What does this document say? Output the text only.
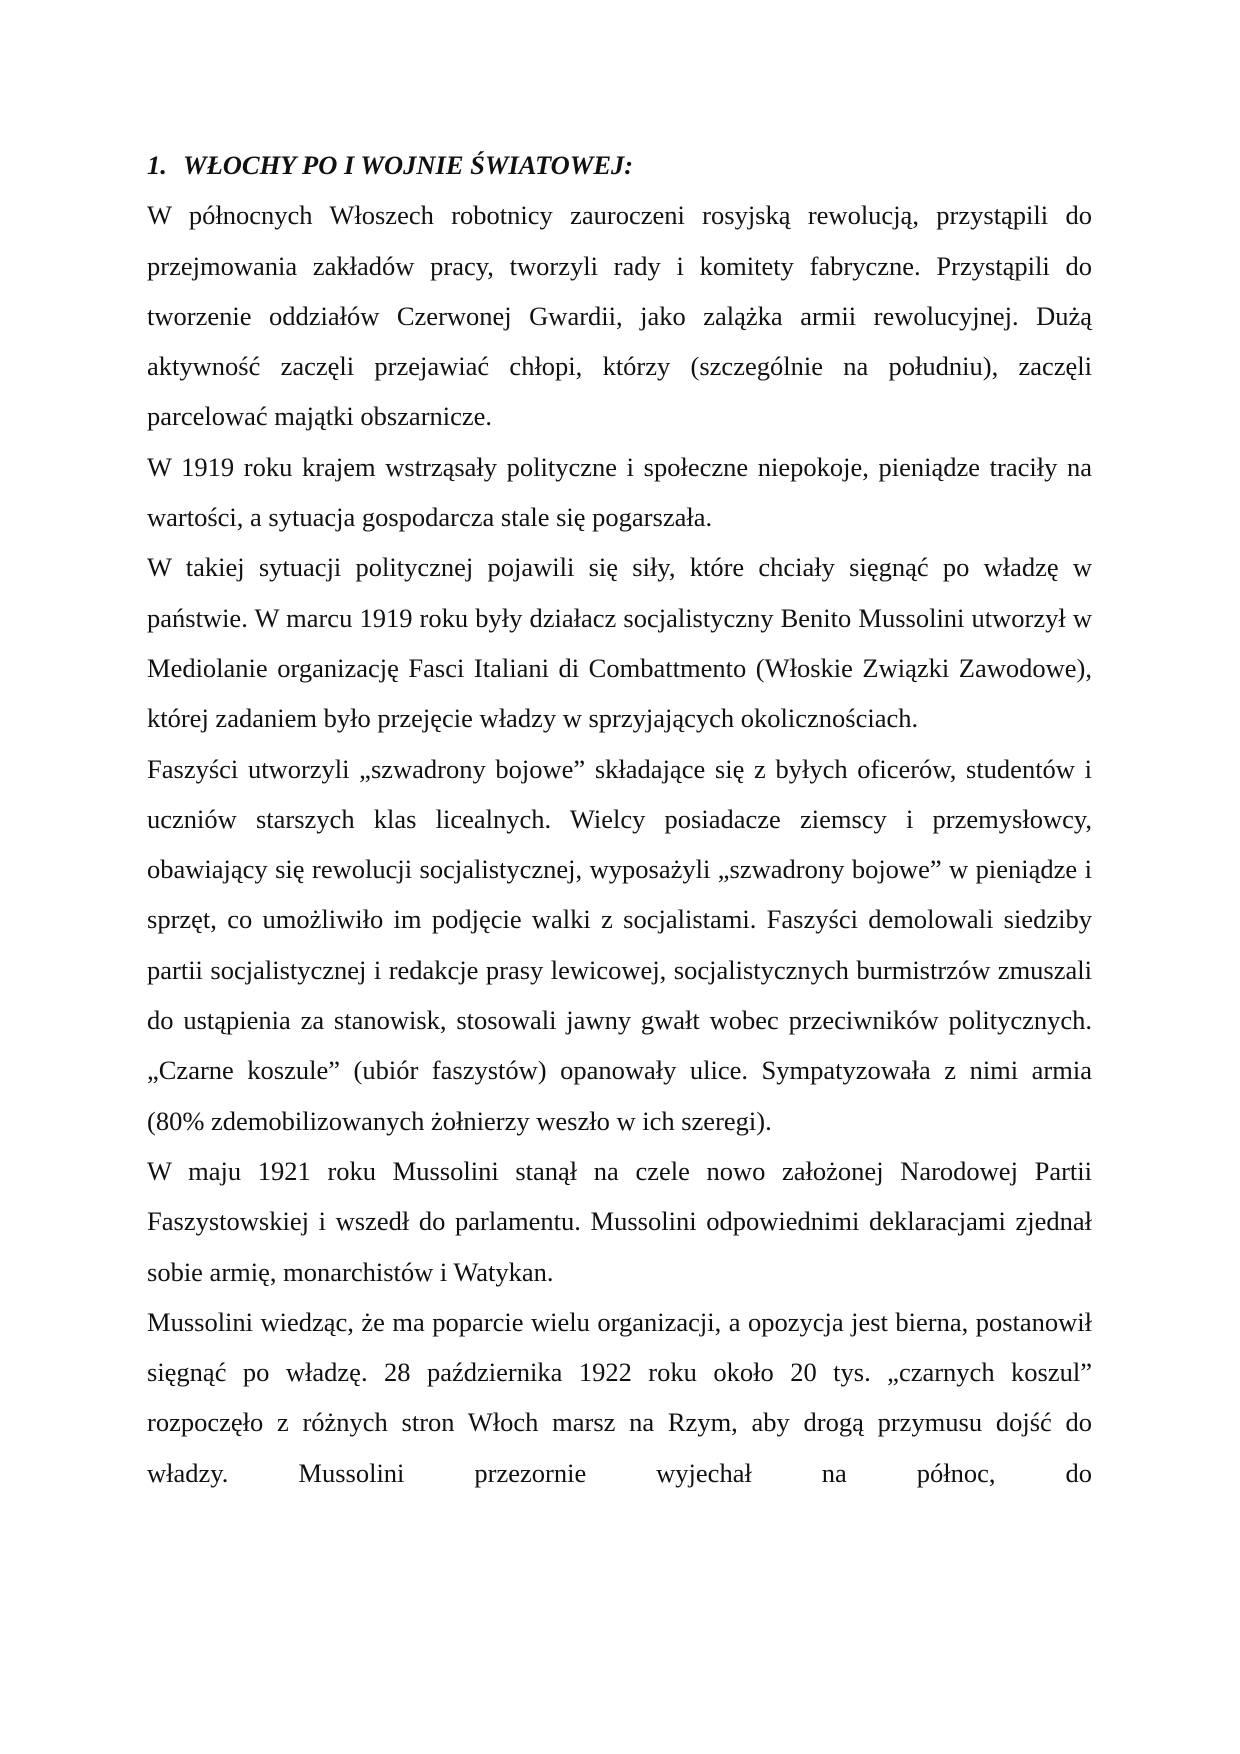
1. WŁOCHY PO I WOJNIE ŚWIATOWEJ:

W północnych Włoszech robotnicy zauroczeni rosyjską rewolucją, przystąpili do przejmowania zakładów pracy, tworzyli rady i komitety fabryczne. Przystąpili do tworzenie oddziałów Czerwonej Gwardii, jako zalążka armii rewolucyjnej. Dużą aktywność zaczęli przejawiać chłopi, którzy (szczególnie na południu), zaczęli parcelować majątki obszarnicze.

W 1919 roku krajem wstrząsały polityczne i społeczne niepokoje, pieniądze traciły na wartości, a sytuacja gospodarcza stale się pogarszała.

W takiej sytuacji politycznej pojawili się siły, które chciały sięgnąć po władzę w państwie. W marcu 1919 roku były działacz socjalistyczny Benito Mussolini utworzył w Mediolanie organizację Fasci Italiani di Combattmento (Włoskie Związki Zawodowe), której zadaniem było przejęcie władzy w sprzyjających okolicznościach.

Faszyści utworzyli „szwadrony bojowe” składające się z byłych oficerów, studentów i uczniów starszych klas licealnych. Wielcy posiadacze ziemscy i przemysłowcy, obawiający się rewolucji socjalistycznej, wyposażyli „szwadrony bojowe” w pieniądze i sprzęt, co umożliwiło im podjęcie walki z socjalistami. Faszyści demolowali siedziby partii socjalistycznej i redakcje prasy lewicowej, socjalistycznych burmistrzów zmuszali do ustąpienia za stanowisk, stosowali jawny gwałt wobec przeciwników politycznych. „Czarne koszule” (ubiór faszystów) opanowały ulice. Sympatyzowała z nimi armia (80% zdemobilizowanych żołnierzy weszło w ich szeregi).

W maju 1921 roku Mussolini stanął na czele nowo założonej Narodowej Partii Faszystowskiej i wszedł do parlamentu. Mussolini odpowiednimi deklaracjami zjednał sobie armię, monarchistów i Watykan.

Mussolini wiedząc, że ma poparcie wielu organizacji, a opozycja jest bierna, postanowił sięgnąć po władzę. 28 października 1922 roku około 20 tys. „czarnych koszul” rozpoczęło z różnych stron Włoch marsz na Rzym, aby drogą przymusu dojść do władzy. Mussolini przezornie wyjechał na północ, do
